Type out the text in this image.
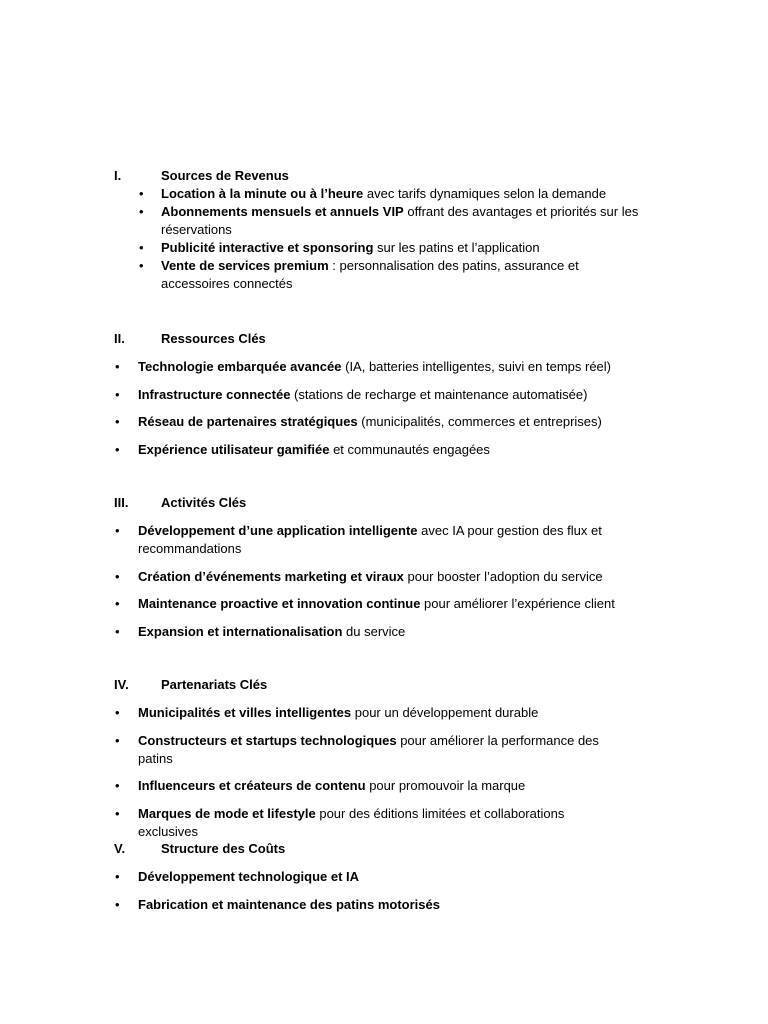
I.	Sources de Revenus
• Location à la minute ou à l’heure avec tarifs dynamiques selon la demande
• Abonnements mensuels et annuels VIP offrant des avantages et priorités sur les réservations
• Publicité interactive et sponsoring sur les patins et l’application
• Vente de services premium : personnalisation des patins, assurance et accessoires connectés
II.	Ressources Clés
• Technologie embarquée avancée (IA, batteries intelligentes, suivi en temps réel)
• Infrastructure connectée (stations de recharge et maintenance automatisée)
• Réseau de partenaires stratégiques (municipalités, commerces et entreprises)
• Expérience utilisateur gamifiée et communautés engagées
III.	Activités Clés
• Développement d’une application intelligente avec IA pour gestion des flux et recommandations
• Création d’événements marketing et viraux pour booster l’adoption du service
• Maintenance proactive et innovation continue pour améliorer l’expérience client
• Expansion et internationalisation du service
IV. Partenariats Clés
• Municipalités et villes intelligentes pour un développement durable
• Constructeurs et startups technologiques pour améliorer la performance des patins
• Influenceurs et créateurs de contenu pour promouvoir la marque
• Marques de mode et lifestyle pour des éditions limitées et collaborations exclusives
V.	Structure des Coûts
• Développement technologique et IA
• Fabrication et maintenance des patins motorisés
